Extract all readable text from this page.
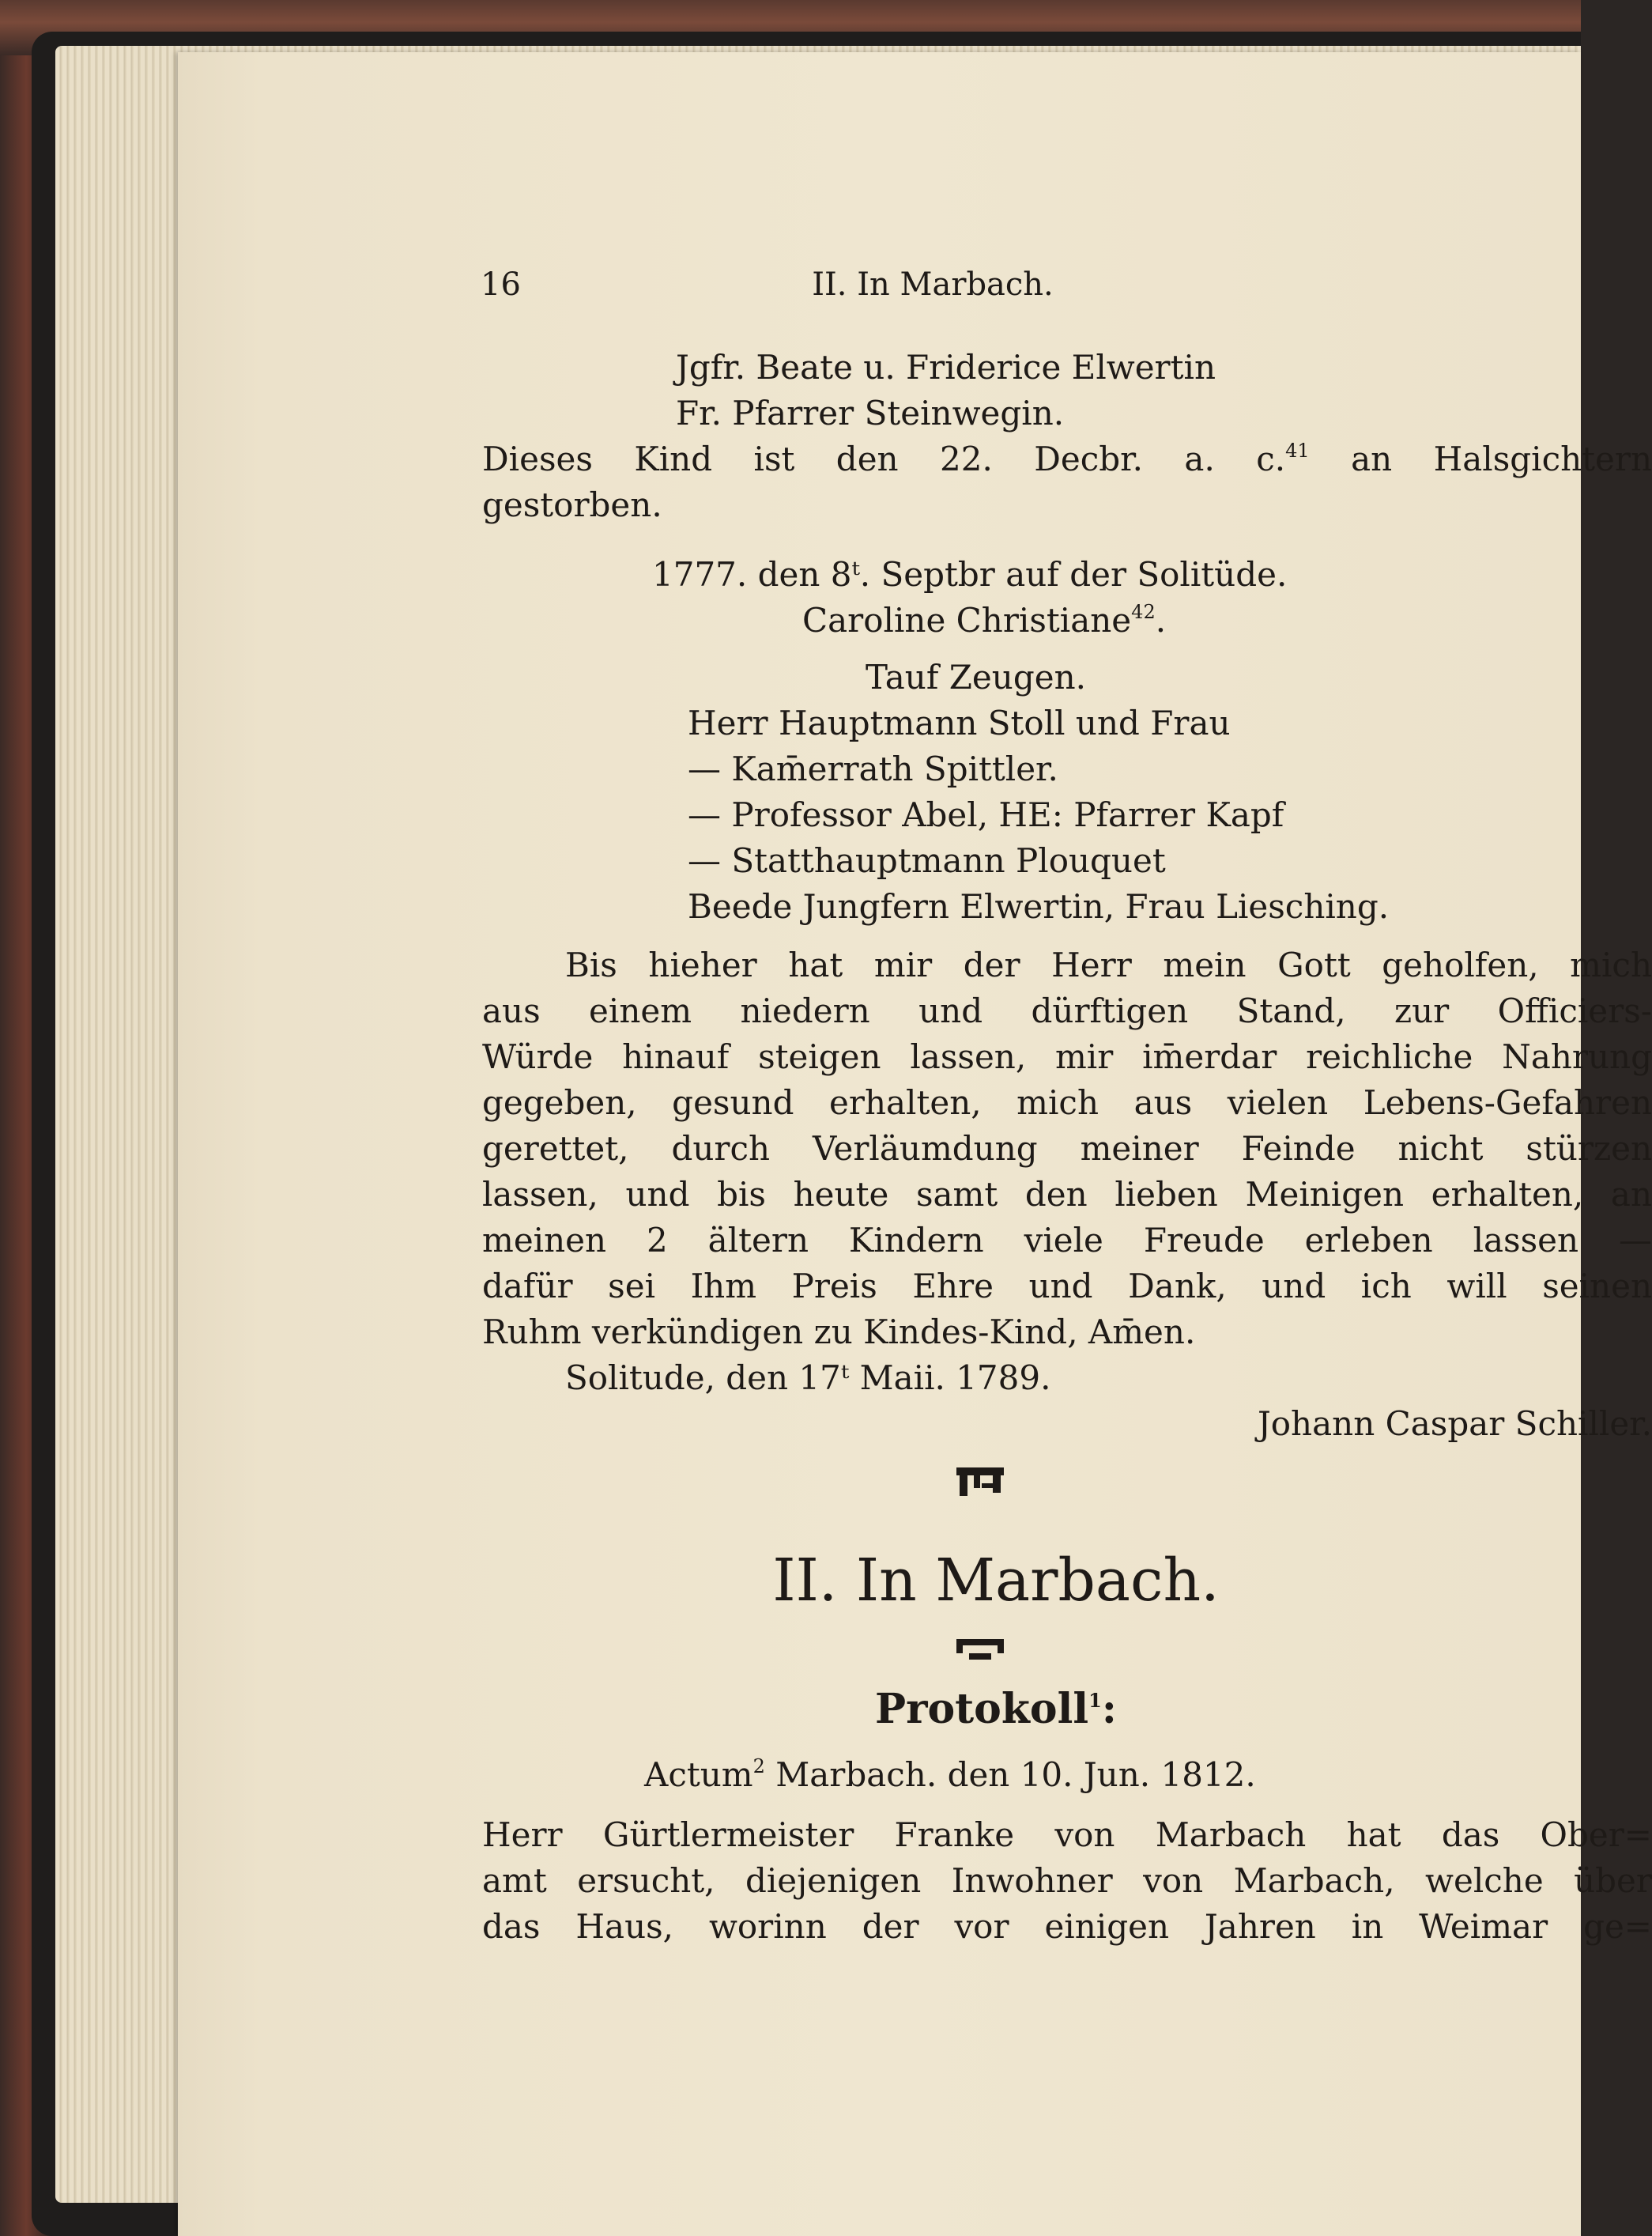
16	II. In Marbach.
Jgfr. Beate u. Friderice Elwertin
Fr. Pfarrer Steinwegin.
Dieses Kind ist den 22. Decbr. a. c.$^{41}$ an Halsgichtern
gestorben.
1777. den 8ᵗ. Septbr auf der Solitüde.
Caroline Christiane$^{42}$.
Tauf Zeugen.
Herr Hauptmann Stoll und Frau
— Kam̄errath Spittler.
— Professor Abel, HE: Pfarrer Kapf
— Statthauptmann Plouquet
Beede Jungfern Elwertin, Frau Liesching.
Bis hieher hat mir der Herr mein Gott geholfen, mich
aus einem niedern und dürftigen Stand, zur Officiers-
Würde hinauf steigen lassen, mir im̄erdar reichliche Nahrung
gegeben, gesund erhalten, mich aus vielen Lebens-Gefahren
gerettet, durch Verläumdung meiner Feinde nicht stürzen
lassen, und bis heute samt den lieben Meinigen erhalten, an
meinen 2 ältern Kindern viele Freude erleben lassen —
dafür sei Ihm Preis Ehre und Dank, und ich will seinen
Ruhm verkündigen zu Kindes-Kind, Am̄en.
Solitude, den 17ᵗ Maii. 1789.
Johann Caspar Schiller.
II. In Marbach.
Protokoll$^1$:
Actum$^2$ Marbach. den 10. Jun. 1812.
Herr Gürtlermeister Franke von Marbach hat das Ober=
amt ersucht, diejenigen Inwohner von Marbach, welche über
das Haus, worinn der vor einigen Jahren in Weimar ge=
